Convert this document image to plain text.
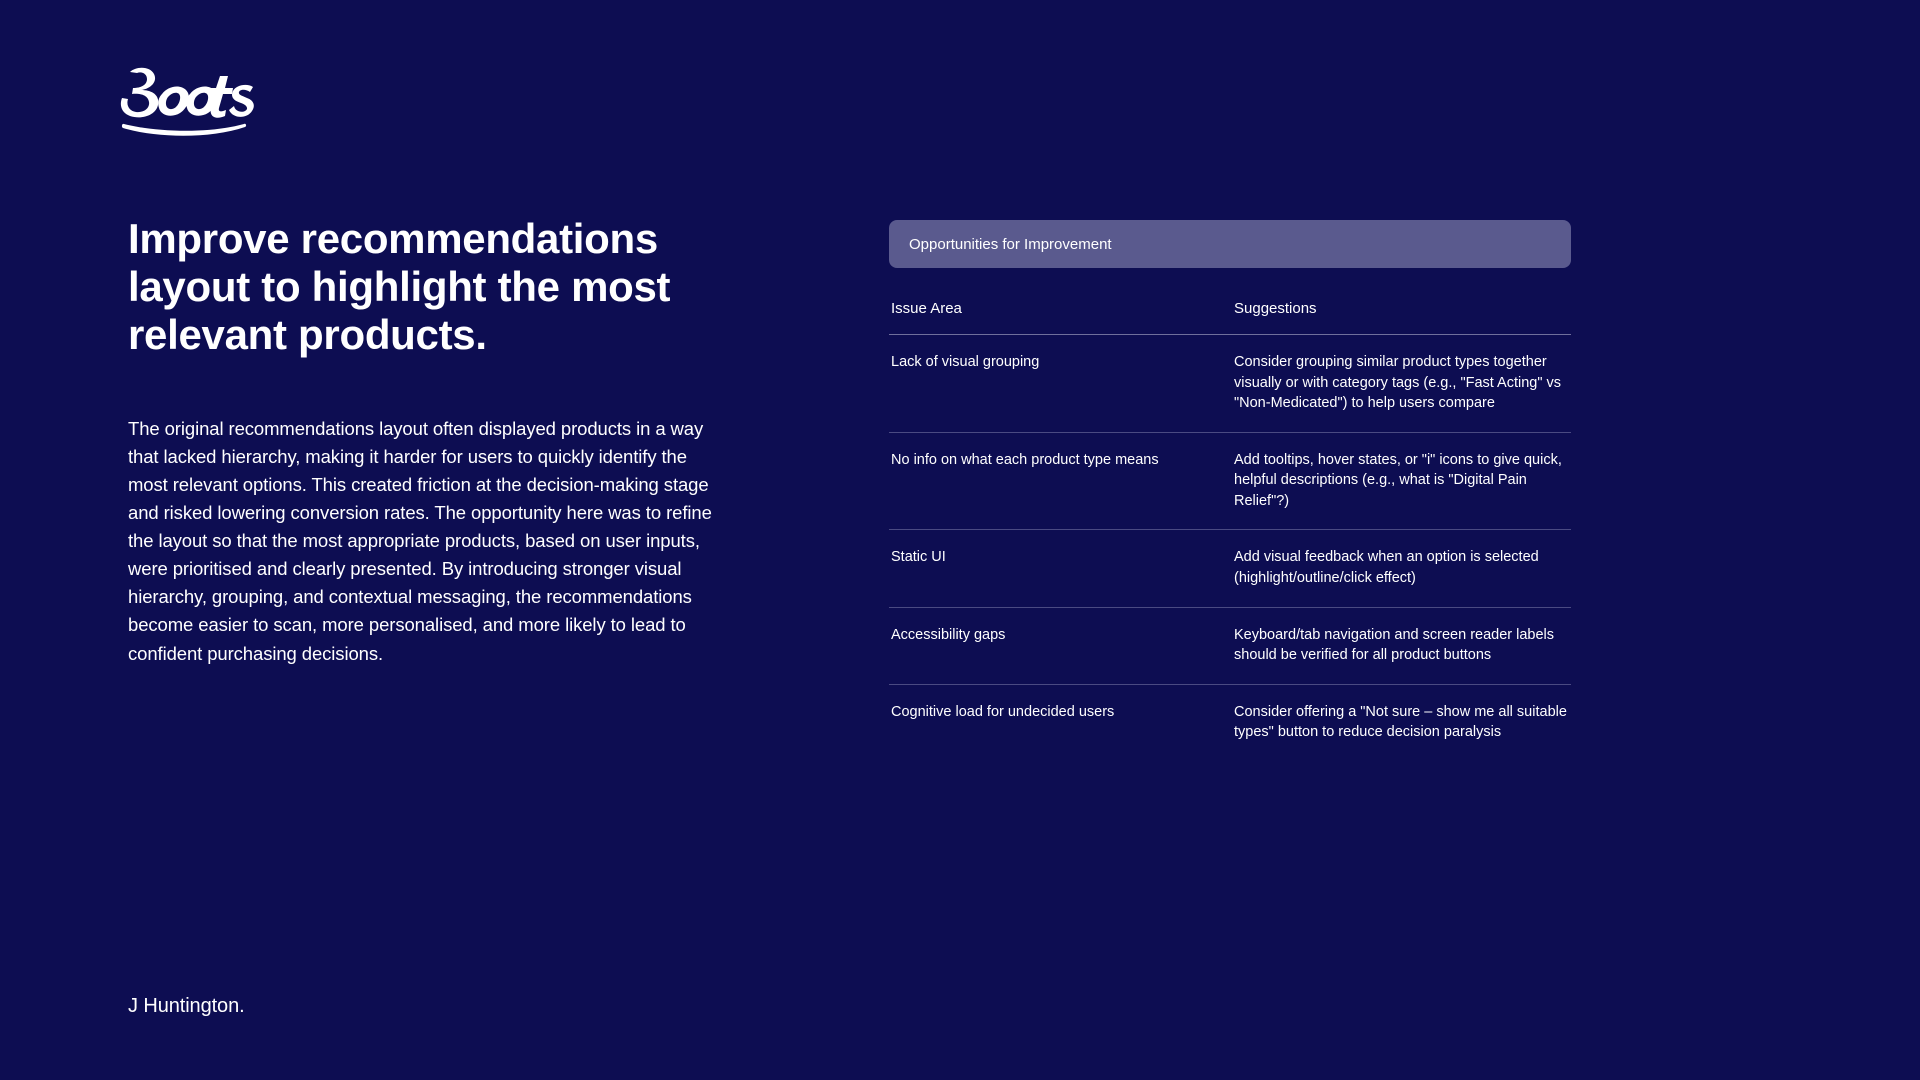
Improve recommendations layout to highlight the most relevant products.

The original recommendations layout often displayed products in a way that lacked hierarchy, making it harder for users to quickly identify the most relevant options. This created friction at the decision-making stage and risked lowering conversion rates. The opportunity here was to refine the layout so that the most appropriate products, based on user inputs, were prioritised and clearly presented. By introducing stronger visual hierarchy, grouping, and contextual messaging, the recommendations become easier to scan, more personalised, and more likely to lead to confident purchasing decisions.

J Huntington.
Opportunities for Improvement
Issue Area	Suggestions
Lack of visual grouping	Consider grouping similar product types together visually or with category tags (e.g., "Fast Acting" vs "Non-Medicated") to help users compare
No info on what each product type means	Add tooltips, hover states, or "i" icons to give quick, helpful descriptions (e.g., what is "Digital Pain Relief"?)
Static UI	Add visual feedback when an option is selected (highlight/outline/click effect)
Accessibility gaps	Keyboard/tab navigation and screen reader labels should be verified for all product buttons
Cognitive load for undecided users	Consider offering a "Not sure – show me all suitable types" button to reduce decision paralysis
